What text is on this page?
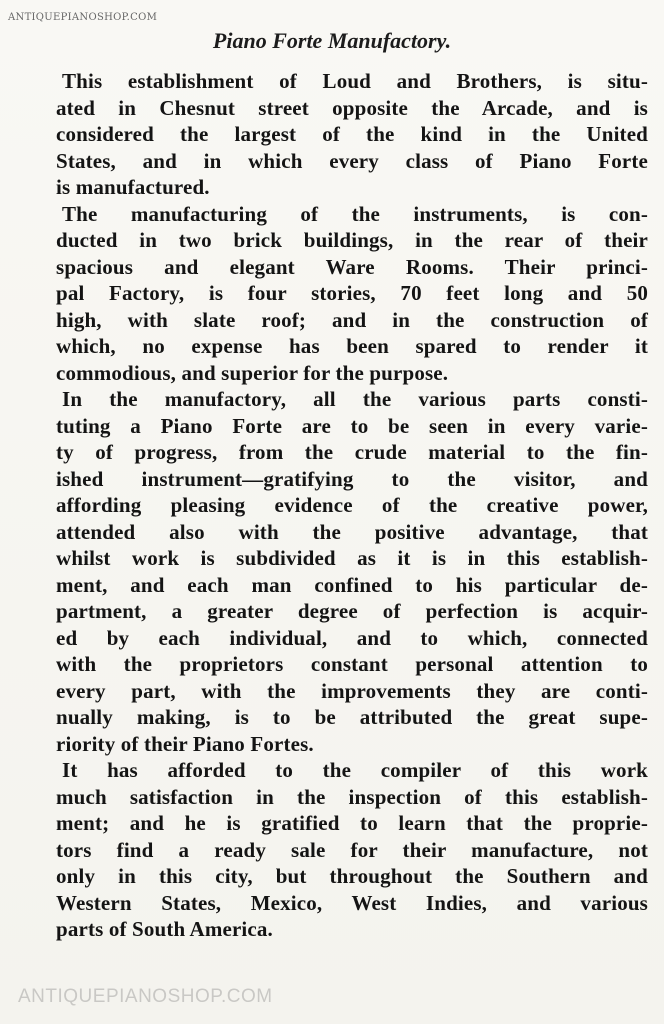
ANTIQUEPIANOSHOP.COM
Piano Forte Manufactory.
This establishment of Loud and Brothers, is situ-
ated in Chesnut street opposite the Arcade, and is
considered the largest of the kind in the United
States, and in which every class of Piano Forte
is manufactured.
The manufacturing of the instruments, is con-
ducted in two brick buildings, in the rear of their
spacious and elegant Ware Rooms. Their princi-
pal Factory, is four stories, 70 feet long and 50
high, with slate roof; and in the construction of
which, no expense has been spared to render it
commodious, and superior for the purpose.
In the manufactory, all the various parts consti-
tuting a Piano Forte are to be seen in every varie-
ty of progress, from the crude material to the fin-
ished instrument—gratifying to the visitor, and
affording pleasing evidence of the creative power,
attended also with the positive advantage, that
whilst work is subdivided as it is in this establish-
ment, and each man confined to his particular de-
partment, a greater degree of perfection is acquir-
ed by each individual, and to which, connected
with the proprietors constant personal attention to
every part, with the improvements they are conti-
nually making, is to be attributed the great supe-
riority of their Piano Fortes.
It has afforded to the compiler of this work
much satisfaction in the inspection of this establish-
ment; and he is gratified to learn that the proprie-
tors find a ready sale for their manufacture, not
only in this city, but throughout the Southern and
Western States, Mexico, West Indies, and various
parts of South America.
ANTIQUEPIANOSHOP.COM
